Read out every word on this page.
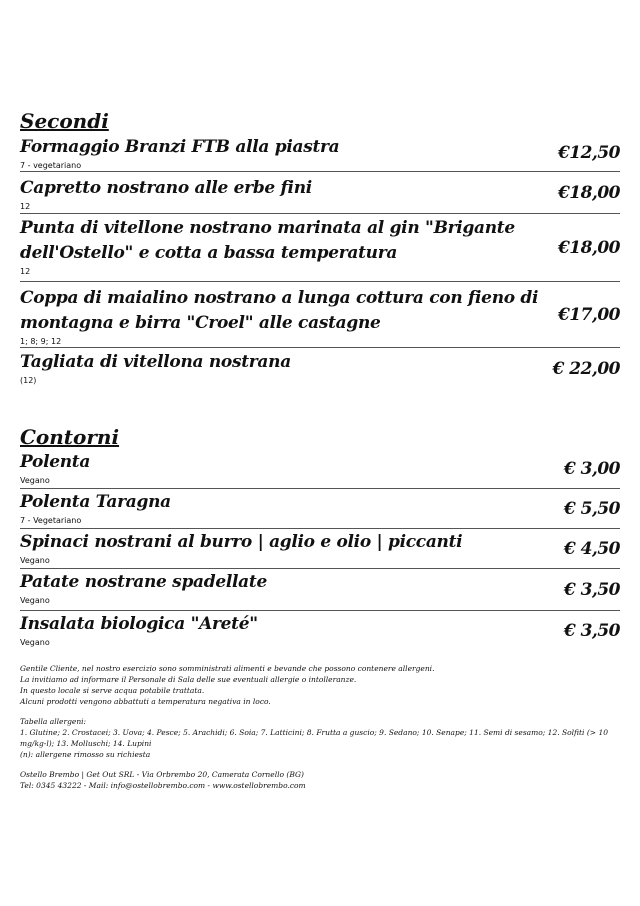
Secondi
Formaggio Branzi FTB alla piastra
7 - vegetariano
€12,50
Capretto nostrano alle erbe fini
12
€18,00
Punta di vitellone nostrano marinata al gin "Brigante dell'Ostello" e cotta a bassa temperatura
12
€18,00
Coppa di maialino nostrano a lunga cottura con fieno di montagna e birra "Croel" alle castagne
1; 8; 9; 12
€17,00
Tagliata di vitellona nostrana
(12)
€ 22,00
Contorni
Polenta
Vegano
€ 3,00
Polenta Taragna
7 - Vegetariano
€ 5,50
Spinaci nostrani al burro | aglio e olio | piccanti
Vegano
€ 4,50
Patate nostrane spadellate
Vegano
€ 3,50
Insalata biologica "Areté"
Vegano
€ 3,50

Gentile Cliente, nel nostro esercizio sono somministrati alimenti e bevande che possono contenere allergeni.

La invitiamo ad informare il Personale di Sala delle sue eventuali allergie o intolleranze.

In questo locale si serve acqua potabile trattata.

Alcuni prodotti vengono abbattuti a temperatura negativa in loco.

Tabella allergeni:

1. Glutine; 2. Crostacei; 3. Uova; 4. Pesce; 5. Arachidi; 6. Soia; 7. Latticini; 8. Frutta a guscio; 9. Sedano; 10. Senape; 11. Semi di sesamo; 12. Solfiti (> 10 mg/kg-l); 13. Molluschi; 14. Lupini

(n): allergene rimosso su richiesta

Ostello Brembo | Get Out SRL - Via Orbrembo 20, Camerata Cornello (BG)

Tel: 0345 43222 - Mail: info@ostellobrembo.com - www.ostellobrembo.com
